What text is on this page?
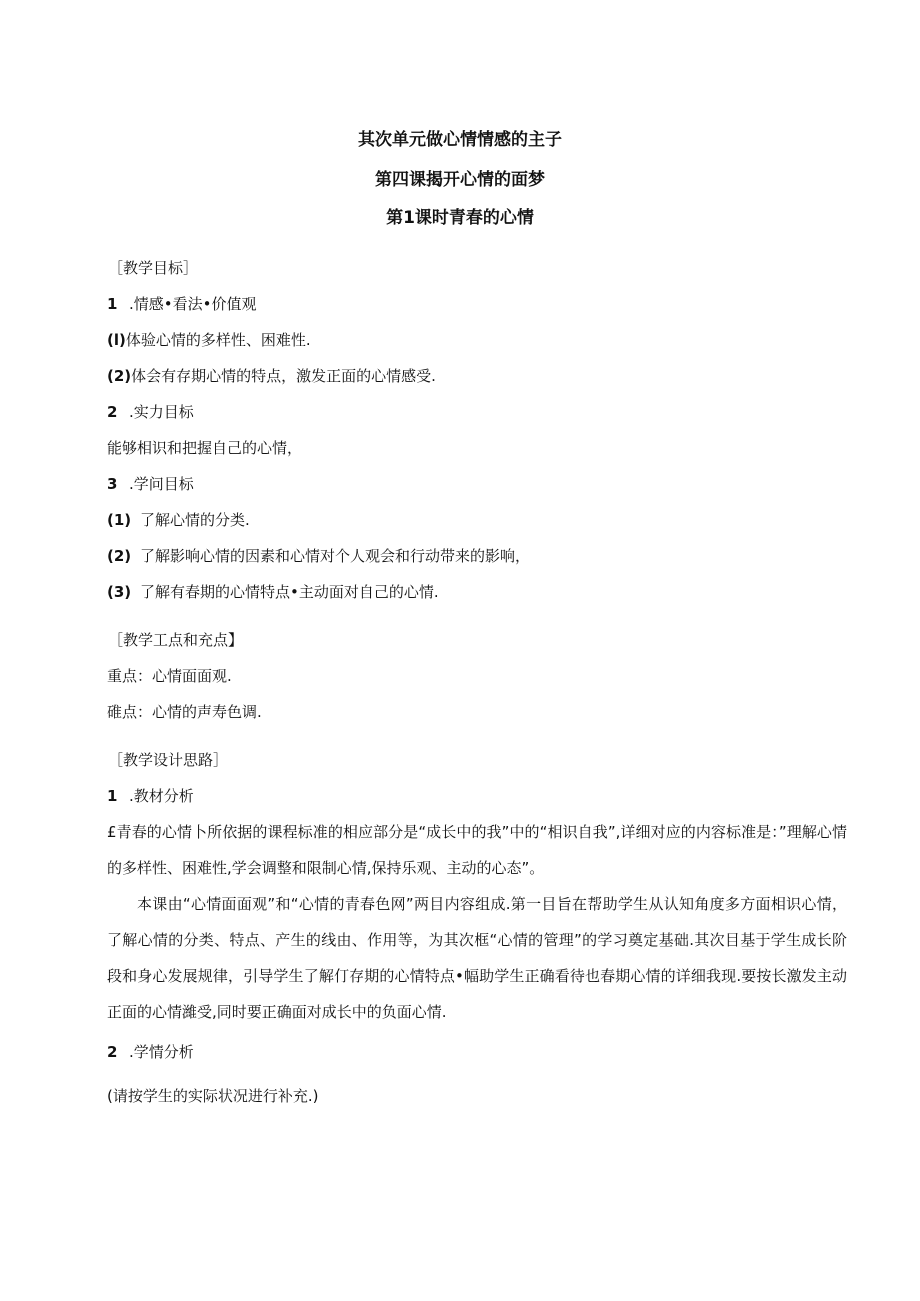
其次单元做心情情感的主子
第四课揭开心情的面梦
第1课时青春的心情
［教学目标］
1 .情感•看法•价值观
(l)体验心情的多样性、困难性.
(2)体会有存期心情的特点，激发正面的心情感受.
2 .实力目标
能够相识和把握自己的心情，
3 .学问目标
(1) 了解心情的分类.
(2) 了解影响心情的因素和心情对个人观会和行动带来的影响，
(3) 了解有春期的心情特点•主动面对自己的心情.
［教学工点和充点】
重点：心情面面观.
碓点：心情的声寿色调.
［教学设计思路］
1 .教材分析
£青春的心情卜所依据的课程标准的相应部分是“成长中的我”中的“相识自我”,详细对应的内容标准是：”理解心情的多样性、困难性,学会调整和限制心情,保持乐观、主动的心态”。
本课由“心情面面观”和“心情的青春色网”两目内容组成.第一目旨在帮助学生从认知角度多方面相识心情，了解心情的分类、特点、产生的线由、作用等，为其次框“心情的管理”的学习奠定基础.其次目基于学生成长阶段和身心发展规律，引导学生了解仃存期的心情特点•幅助学生正确看待也春期心情的详细我现.要按长激发主动正面的心情濰受,同时要正确面对成长中的负面心情.
2 .学情分析
(请按学生的实际状况进行补充.)
